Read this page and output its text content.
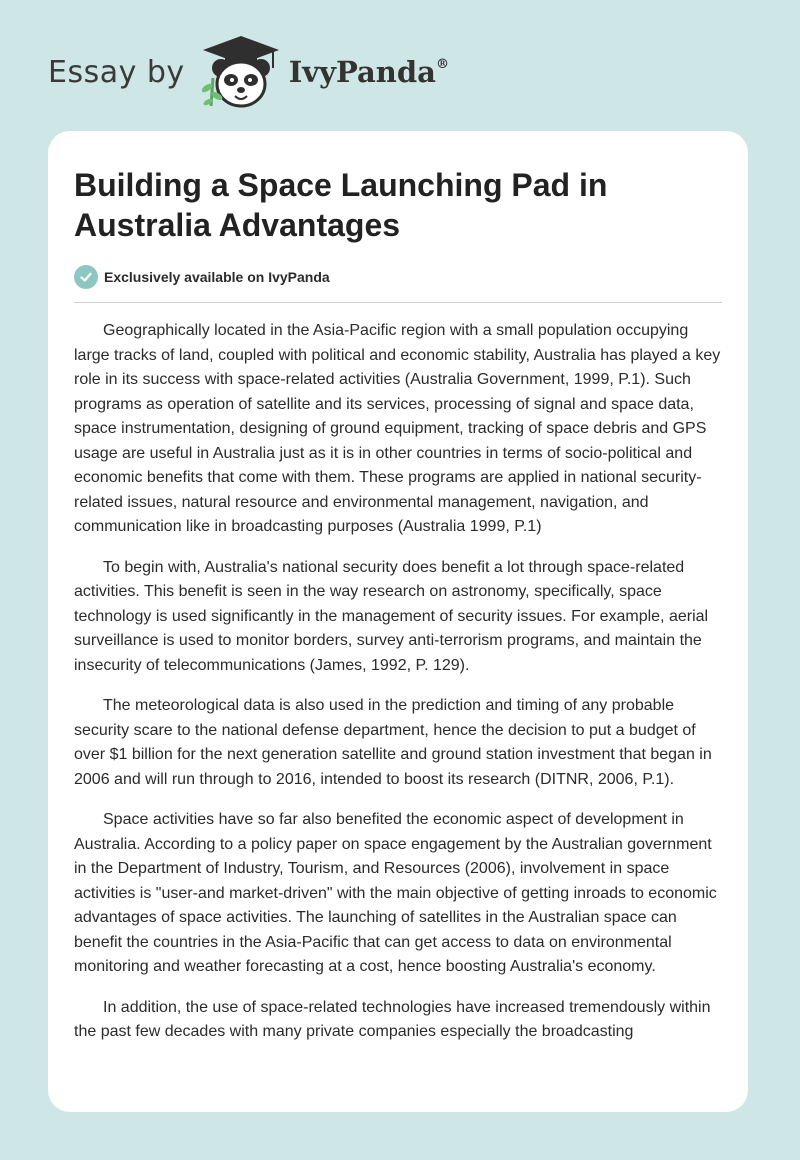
Essay by	IvyPanda®
Building a Space Launching Pad in Australia Advantages
Exclusively available on IvyPanda

Geographically located in the Asia-Pacific region with a small population occupying large tracks of land, coupled with political and economic stability, Australia has played a key role in its success with space-related activities (Australia Government, 1999, P.1). Such programs as operation of satellite and its services, processing of signal and space data, space instrumentation, designing of ground equipment, tracking of space debris and GPS usage are useful in Australia just as it is in other countries in terms of socio-political and economic benefits that come with them. These programs are applied in national security-related issues, natural resource and environmental management, navigation, and communication like in broadcasting purposes (Australia 1999, P.1)

To begin with, Australia's national security does benefit a lot through space-related activities. This benefit is seen in the way research on astronomy, specifically, space technology is used significantly in the management of security issues. For example, aerial surveillance is used to monitor borders, survey anti-terrorism programs, and maintain the insecurity of telecommunications (James, 1992, P. 129).

The meteorological data is also used in the prediction and timing of any probable security scare to the national defense department, hence the decision to put a budget of over $1 billion for the next generation satellite and ground station investment that began in 2006 and will run through to 2016, intended to boost its research (DITNR, 2006, P.1).

Space activities have so far also benefited the economic aspect of development in Australia. According to a policy paper on space engagement by the Australian government in the Department of Industry, Tourism, and Resources (2006), involvement in space activities is "user-and market-driven" with the main objective of getting inroads to economic advantages of space activities. The launching of satellites in the Australian space can benefit the countries in the Asia-Pacific that can get access to data on environmental monitoring and weather forecasting at a cost, hence boosting Australia's economy.

In addition, the use of space-related technologies have increased tremendously within the past few decades with many private companies especially the broadcasting
